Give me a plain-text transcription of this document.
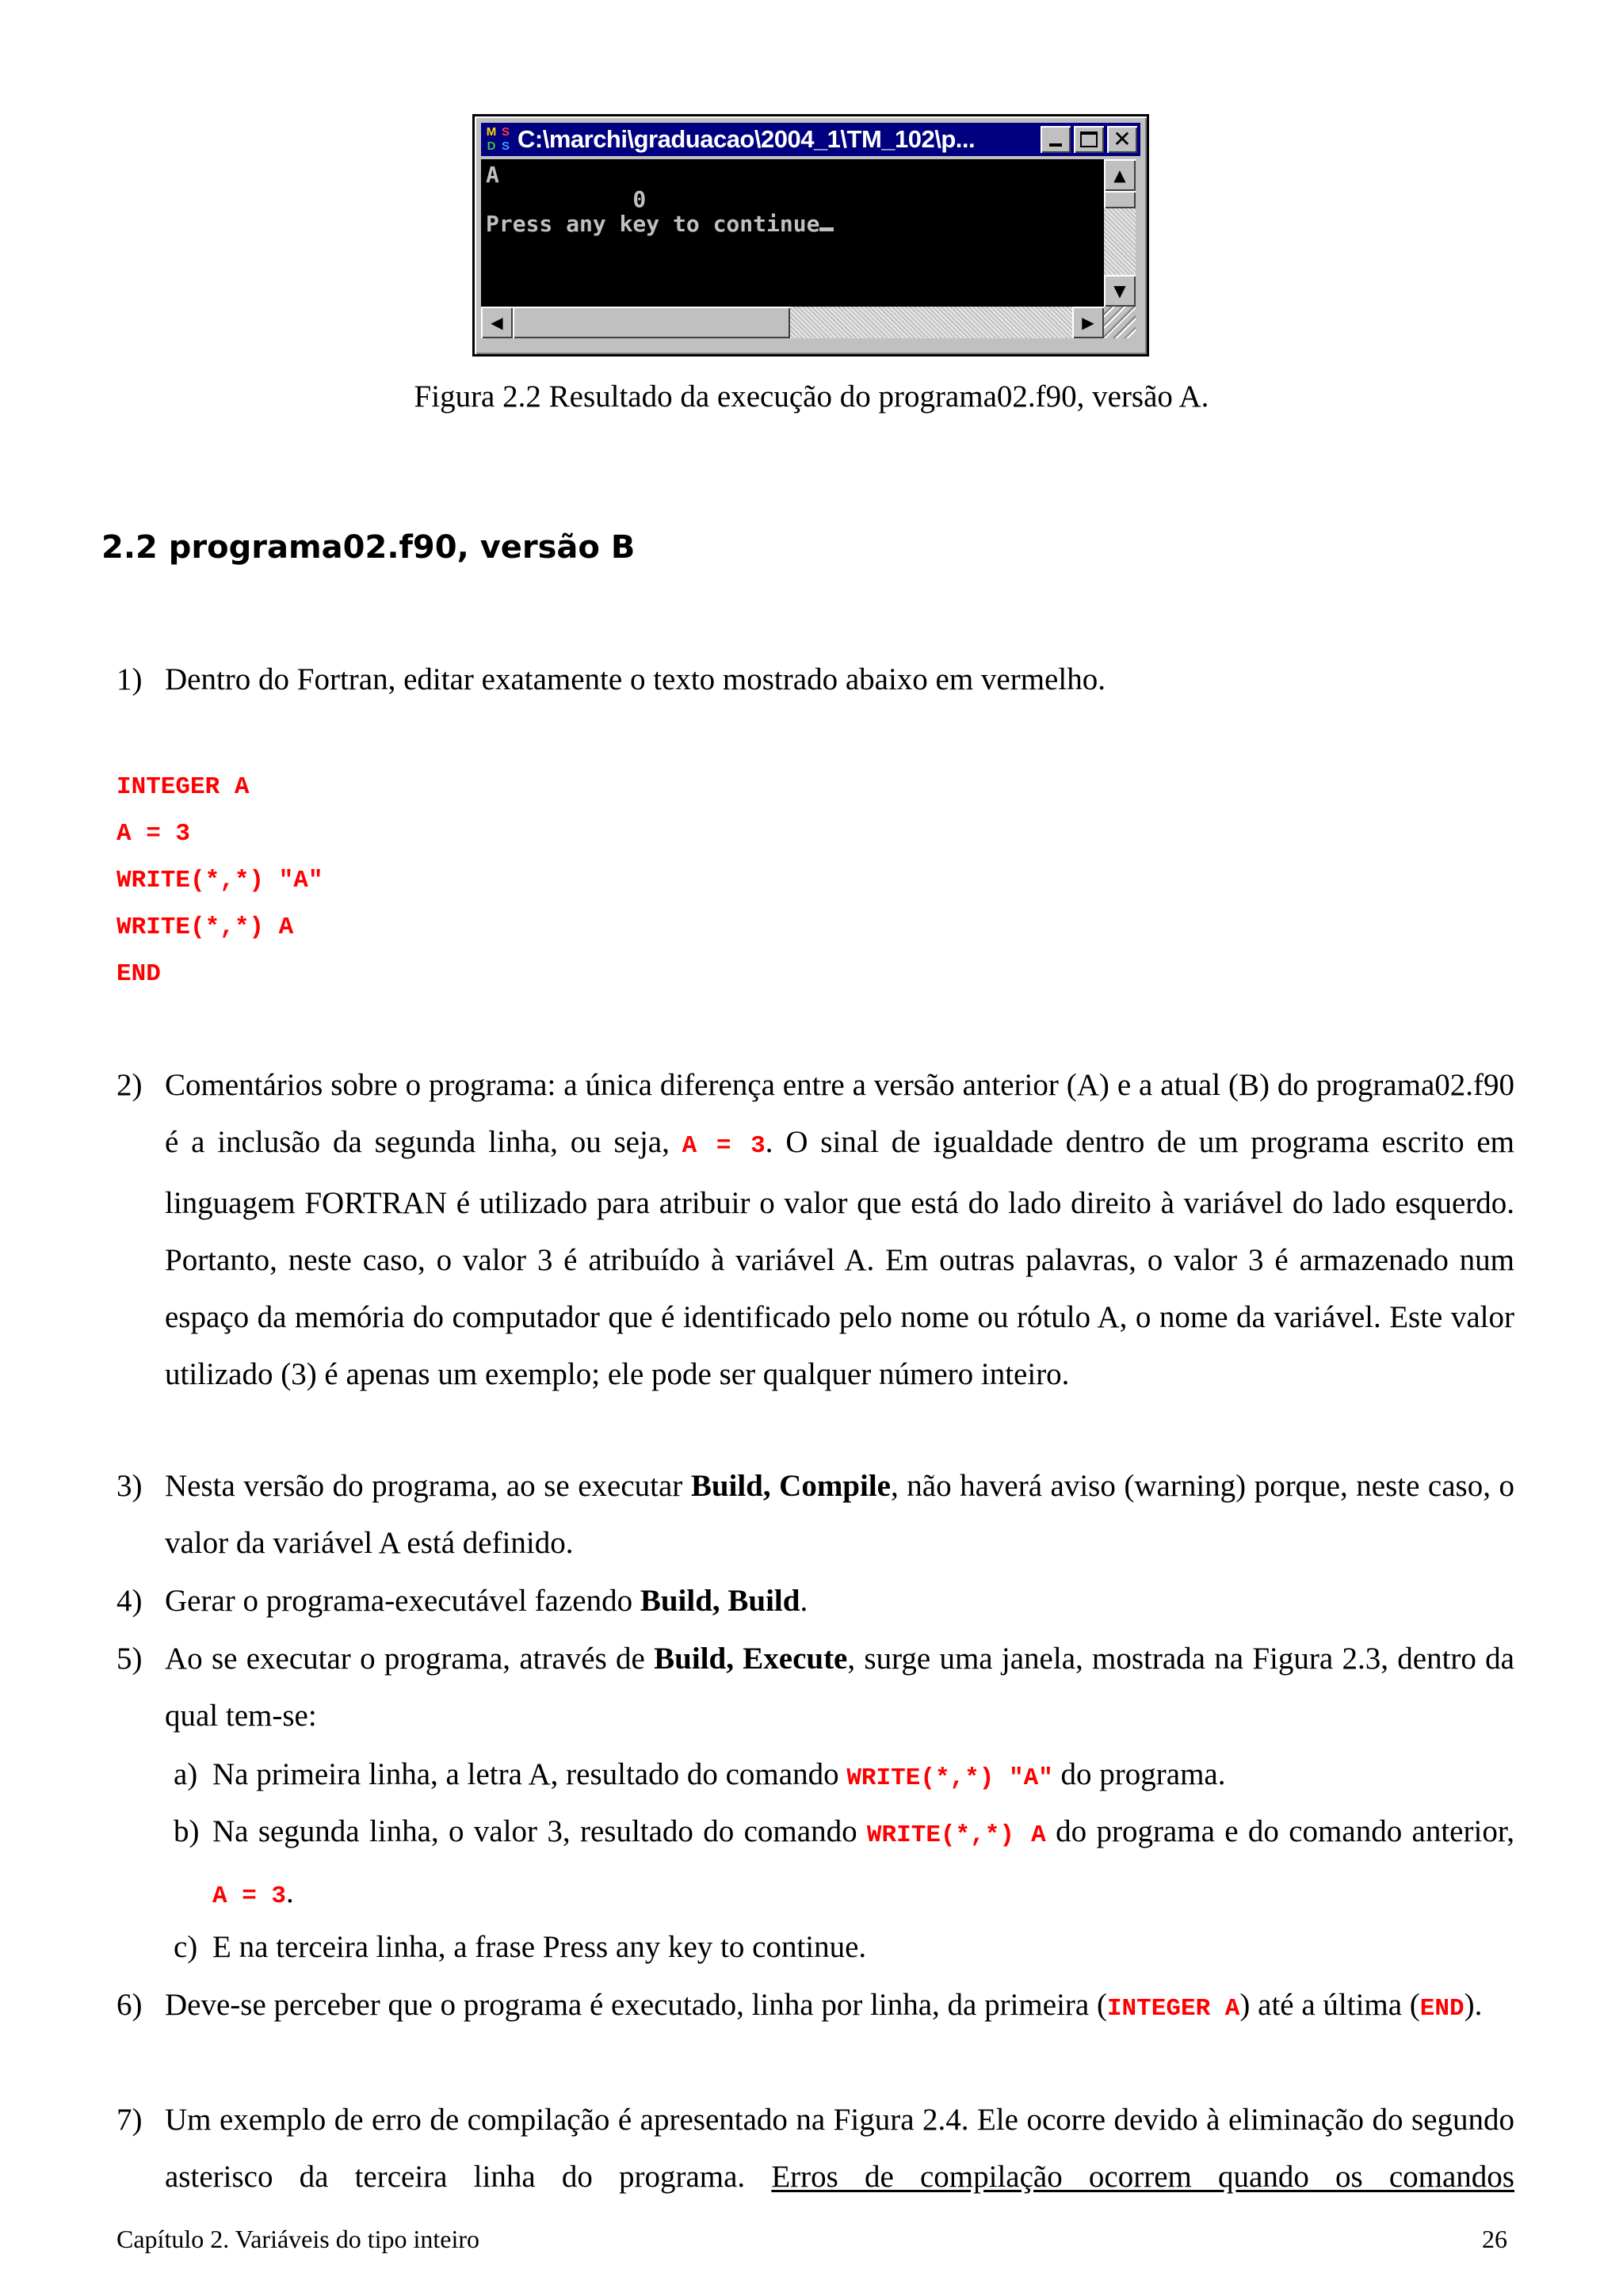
M S
D S C:\marchi\graduacao\2004_1\TM_102\p...	✕
A
0
Press any key to continue
▲
▼
◀	▶
Figura 2.2 Resultado da execução do programa02.f90, versão A.
2.2 programa02.f90, versão B
1) Dentro do Fortran, editar exatamente o texto mostrado abaixo em vermelho.
INTEGER A
A = 3
WRITE(*,*) "A"
WRITE(*,*) A
END
2) Comentários sobre o programa: a única diferença entre a versão anterior (A) e a atual (B) do programa02.f90 é a inclusão da segunda linha, ou seja, A = 3. O sinal de igualdade dentro de um programa escrito em linguagem FORTRAN é utilizado para atribuir o valor que está do lado direito à variável do lado esquerdo. Portanto, neste caso, o valor 3 é atribuído à variável A. Em outras palavras, o valor 3 é armazenado num espaço da memória do computador que é identificado pelo nome ou rótulo A, o nome da variável. Este valor utilizado (3) é apenas um exemplo; ele pode ser qualquer número inteiro.
3) Nesta versão do programa, ao se executar Build, Compile, não haverá aviso (warning) porque, neste caso, o valor da variável A está definido.
4) Gerar o programa-executável fazendo Build, Build.
5) Ao se executar o programa, através de Build, Execute, surge uma janela, mostrada na Figura 2.3, dentro da qual tem-se:
a) Na primeira linha, a letra A, resultado do comando WRITE(*,*) "A" do programa.
b) Na segunda linha, o valor 3, resultado do comando WRITE(*,*) A do programa e do comando anterior, A = 3.
c) E na terceira linha, a frase Press any key to continue.
6) Deve-se perceber que o programa é executado, linha por linha, da primeira (INTEGER A) até a última (END).
7) Um exemplo de erro de compilação é apresentado na Figura 2.4. Ele ocorre devido à eliminação do segundo asterisco da terceira linha do programa. Erros de compilação ocorrem quando os comandos
Capítulo 2. Variáveis do tipo inteiro	26
